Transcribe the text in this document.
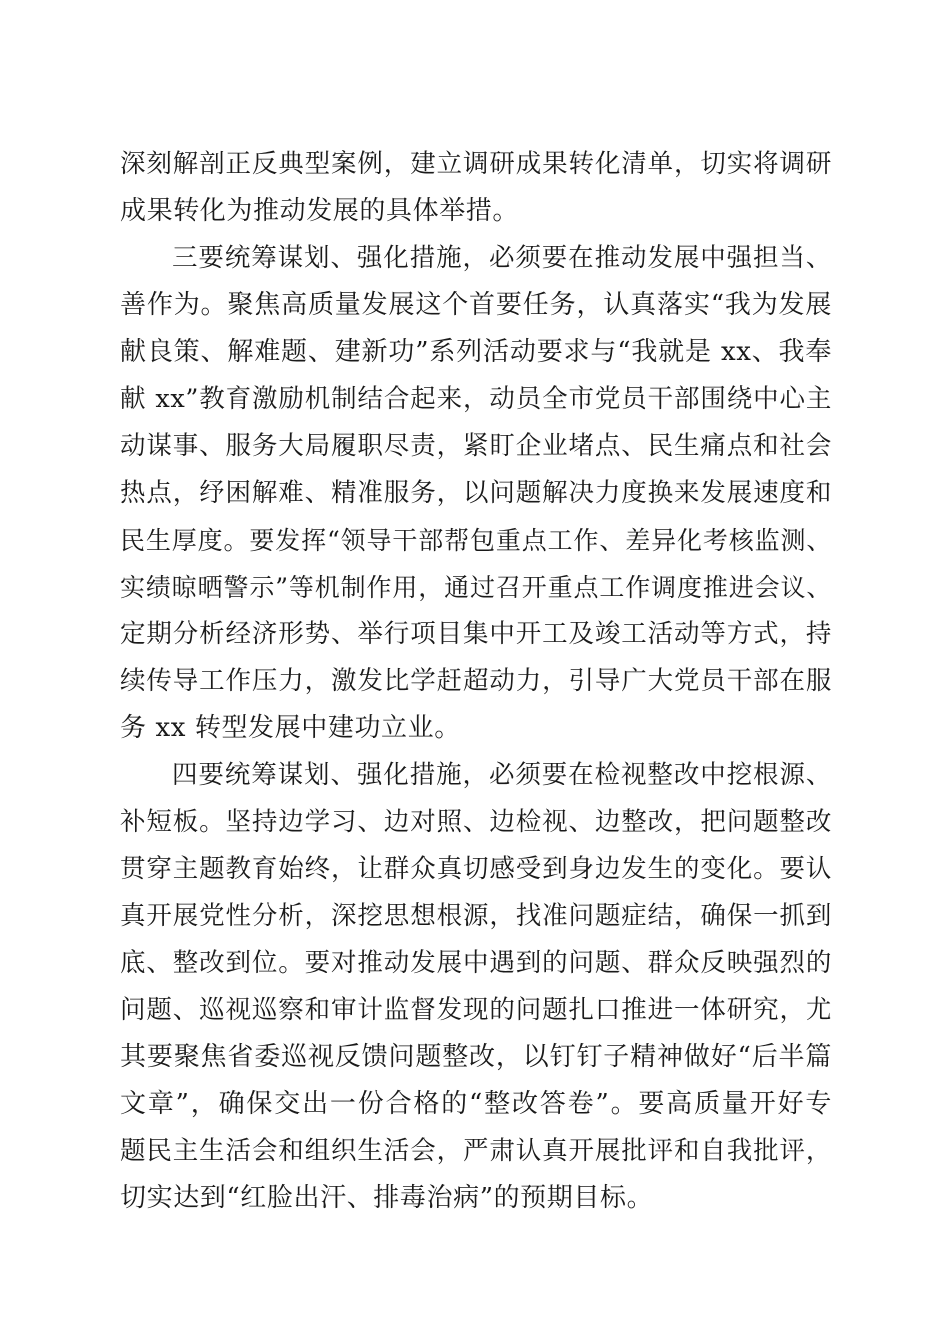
深刻解剖正反典型案例，建立调研成果转化清单，切实将调研
成果转化为推动发展的具体举措。
三要统筹谋划、强化措施，必须要在推动发展中强担当、
善作为。聚焦高质量发展这个首要任务，认真落实“我为发展
献良策、解难题、建新功”系列活动要求与“我就是 xx、我奉
献 xx”教育激励机制结合起来，动员全市党员干部围绕中心主
动谋事、服务大局履职尽责，紧盯企业堵点、民生痛点和社会
热点，纾困解难、精准服务，以问题解决力度换来发展速度和
民生厚度。要发挥“领导干部帮包重点工作、差异化考核监测、
实绩晾晒警示”等机制作用，通过召开重点工作调度推进会议、
定期分析经济形势、举行项目集中开工及竣工活动等方式，持
续传导工作压力，激发比学赶超动力，引导广大党员干部在服
务 xx 转型发展中建功立业。
四要统筹谋划、强化措施，必须要在检视整改中挖根源、
补短板。坚持边学习、边对照、边检视、边整改，把问题整改
贯穿主题教育始终，让群众真切感受到身边发生的变化。要认
真开展党性分析，深挖思想根源，找准问题症结，确保一抓到
底、整改到位。要对推动发展中遇到的问题、群众反映强烈的
问题、巡视巡察和审计监督发现的问题扎口推进一体研究，尤
其要聚焦省委巡视反馈问题整改，以钉钉子精神做好“后半篇
文章”，确保交出一份合格的“整改答卷”。要高质量开好专
题民主生活会和组织生活会，严肃认真开展批评和自我批评，
切实达到“红脸出汗、排毒治病”的预期目标。
